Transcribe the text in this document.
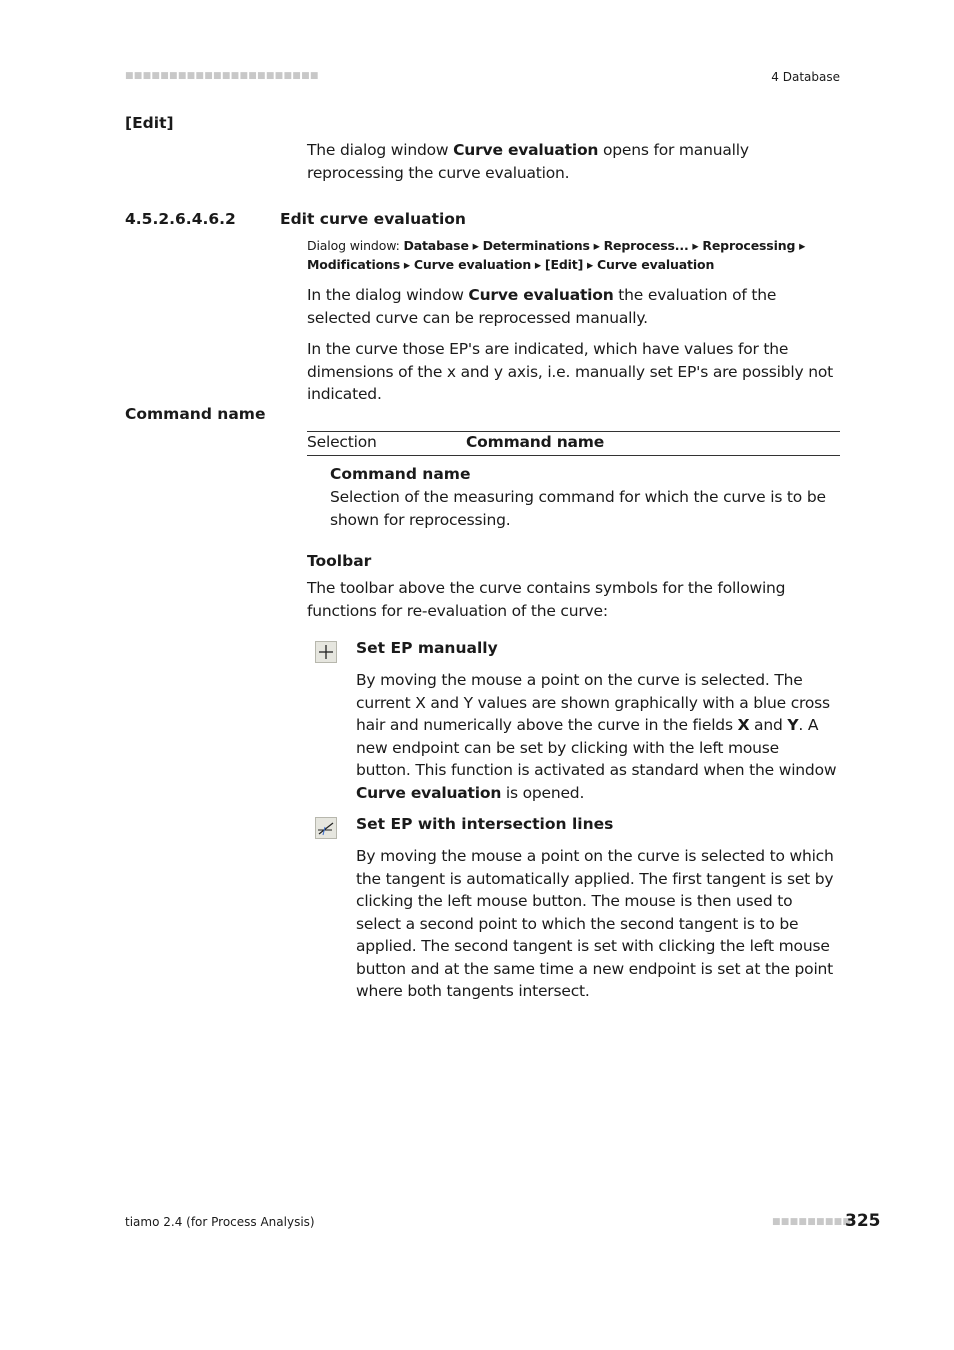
■■■■■■■■■■■■■■■■■■■■■■	4 Database
[Edit]

The dialog window Curve evaluation opens for manually reprocessing the curve evaluation.

4.5.2.6.4.6.2	Edit curve evaluation

Dialog window: Database ▸ Determinations ▸ Reprocess... ▸ Reprocessing ▸ Modifications ▸ Curve evaluation ▸ [Edit] ▸ Curve evaluation

In the dialog window Curve evaluation the evaluation of the selected curve can be reprocessed manually.

In the curve those EP's are indicated, which have values for the dimensions of the x and y axis, i.e. manually set EP's are possibly not indicated.

Command name
Selection	Command name
Command name

Selection of the measuring command for which the curve is to be shown for reprocessing.

Toolbar

The toolbar above the curve contains symbols for the following functions for re-evaluation of the curve:

Set EP manually

By moving the mouse a point on the curve is selected. The current X and Y values are shown graphically with a blue cross hair and numerically above the curve in the fields X and Y. A new endpoint can be set by clicking with the left mouse button. This function is activated as standard when the window Curve evaluation is opened.

Set EP with intersection lines

By moving the mouse a point on the curve is selected to which the tangent is automatically applied. The first tangent is set by clicking the left mouse button. The mouse is then used to select a second point to which the second tangent is to be applied. The second tangent is set with clicking the left mouse button and at the same time a new endpoint is set at the point where both tangents intersect.

tiamo 2.4 (for Process Analysis)	■■■■■■■■■
325
